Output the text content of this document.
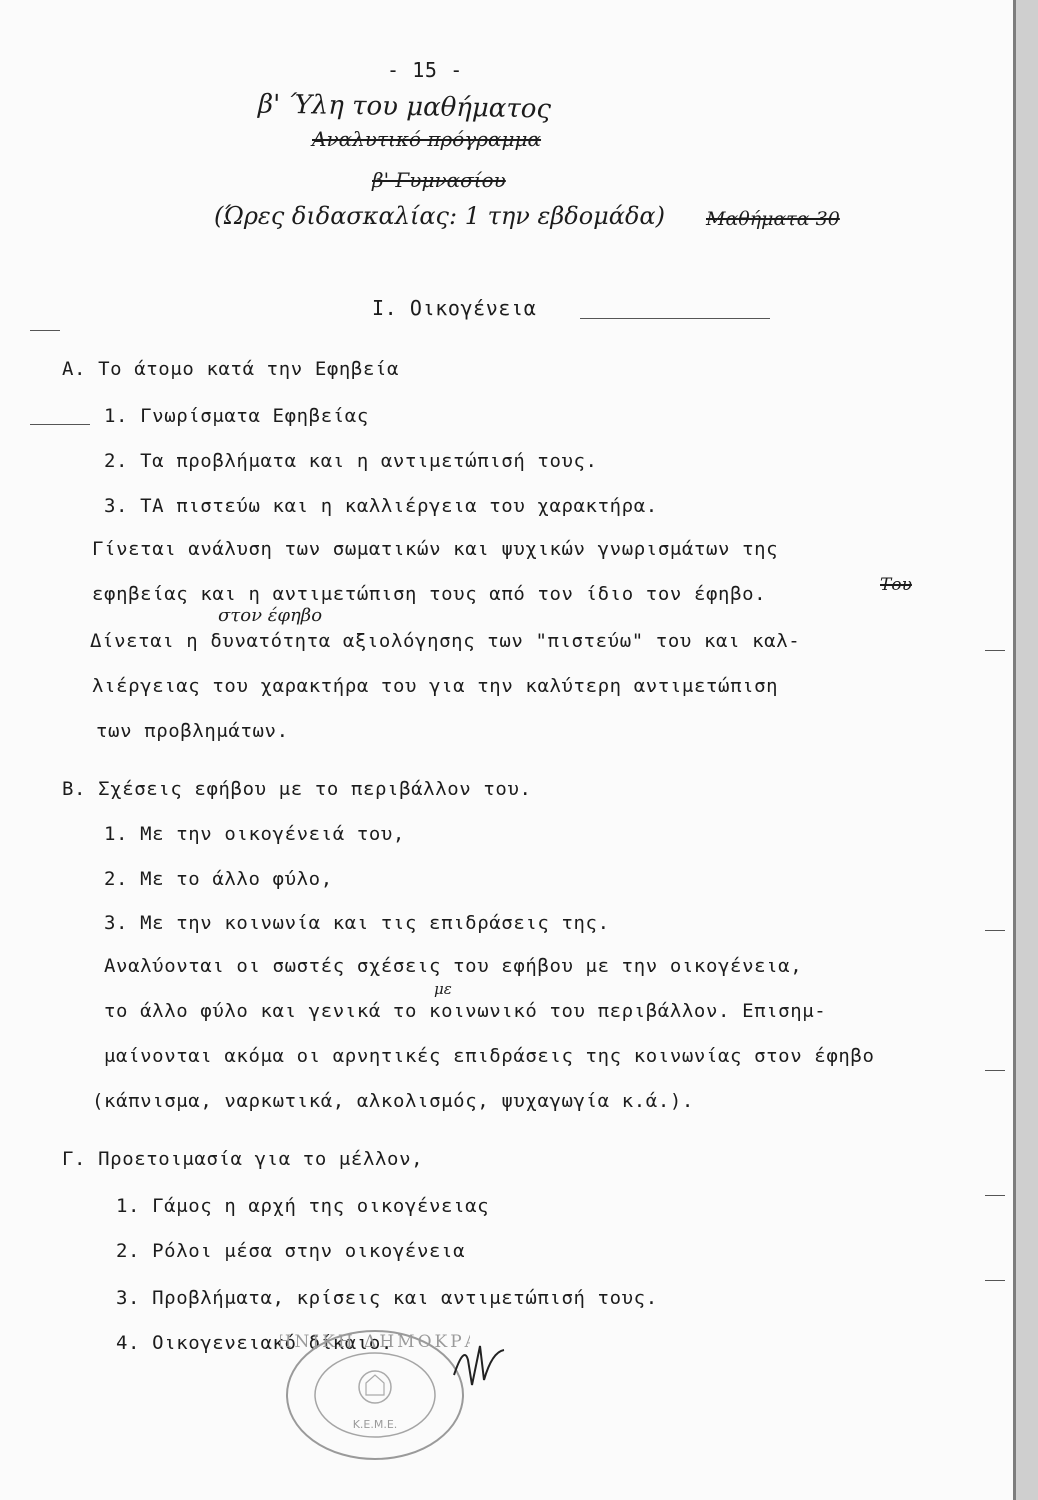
- 15 -
β' Ύλη του μαθήματος
Αναλυτικό πρόγραμμα
β' Γυμνασίου
(Ώρες διδασκαλίας: 1 την εβδομάδα) Μαθήματα 30
Ι. Οικογένεια
Α. Το άτομο κατά την Εφηβεία
1. Γνωρίσματα Εφηβείας
2. Τα προβλήματα και η αντιμετώπισή τους.
3. ΤΑ πιστεύω και η καλλιέργεια του χαρακτήρα.
Γίνεται ανάλυση των σωματικών και ψυχικών γνωρισμάτων της
εφηβείας και η αντιμετώπιση τους από τον ίδιο τον έφηβο.	Του
στον έφηβο
Δίνεται η δυνατότητα αξιολόγησης των "πιστεύω" του και καλ-
λιέργειας του χαρακτήρα του για την καλύτερη αντιμετώπιση
των προβλημάτων.
Β. Σχέσεις εφήβου με το περιβάλλον του.
1. Με την οικογένειά του,
2. Με το άλλο φύλο,
3. Με την κοινωνία και τις επιδράσεις της.
Αναλύονται οι σωστές σχέσεις του εφήβου με την οικογένεια,
με
το άλλο φύλο και γενικά το κοινωνικό του περιβάλλον. Επισημ-
μαίνονται ακόμα οι αρνητικές επιδράσεις της κοινωνίας στον έφηβο
(κάπνισμα, ναρκωτικά, αλκολισμός, ψυχαγωγία κ.ά.).
Γ. Προετοιμασία για το μέλλον,
1. Γάμος η αρχή της οικογένειας
2. Ρόλοι μέσα στην οικογένεια
3. Προβλήματα, κρίσεις και αντιμετώπισή τους.
4. Οικογενειακό δίκαιο.
ΗΝΙΚΗ ΔΗΜΟΚΡ
Κ.Ε.Μ.Ε.
